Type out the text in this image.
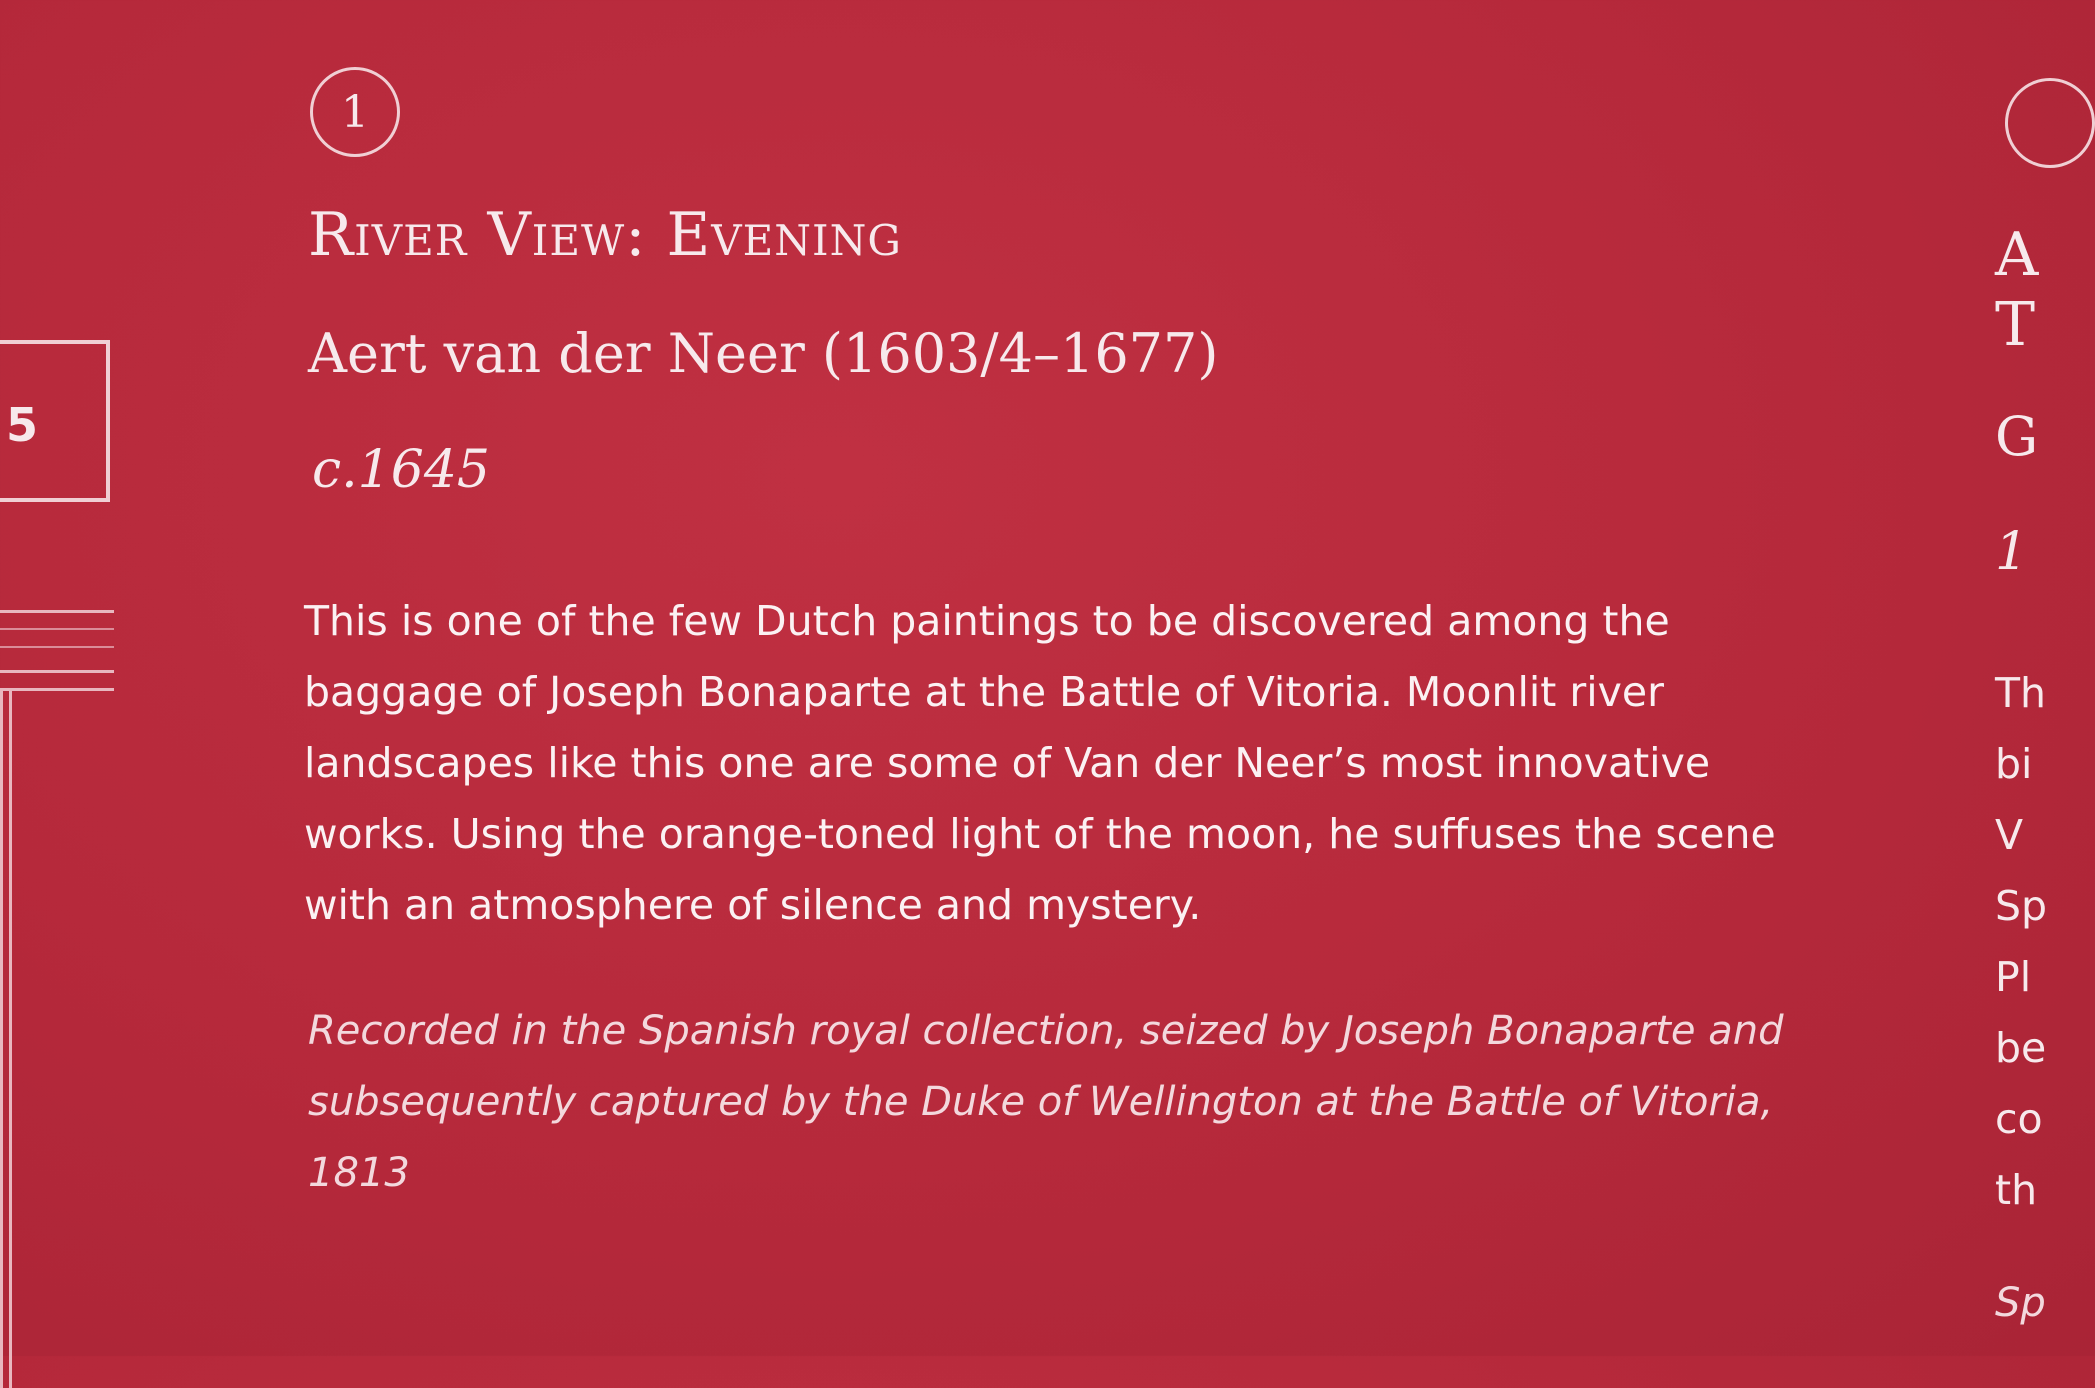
5
1
River View: Evening
Aert van der Neer (1603/4–1677)
c.1645
This is one of the few Dutch paintings to be discovered among the baggage of Joseph Bonaparte at the Battle of Vitoria. Moonlit river landscapes like this one are some of Van der Neer’s most innovative works. Using the orange-toned light of the moon, he suffuses the scene with an atmosphere of silence and mystery.
Recorded in the Spanish royal collection, seized by Joseph Bonaparte and subsequently captured by the Duke of Wellington at the Battle of Vitoria, 1813
A
T
G
1
Th
bi
V
Sp
Pl
be
co
th
Sp
